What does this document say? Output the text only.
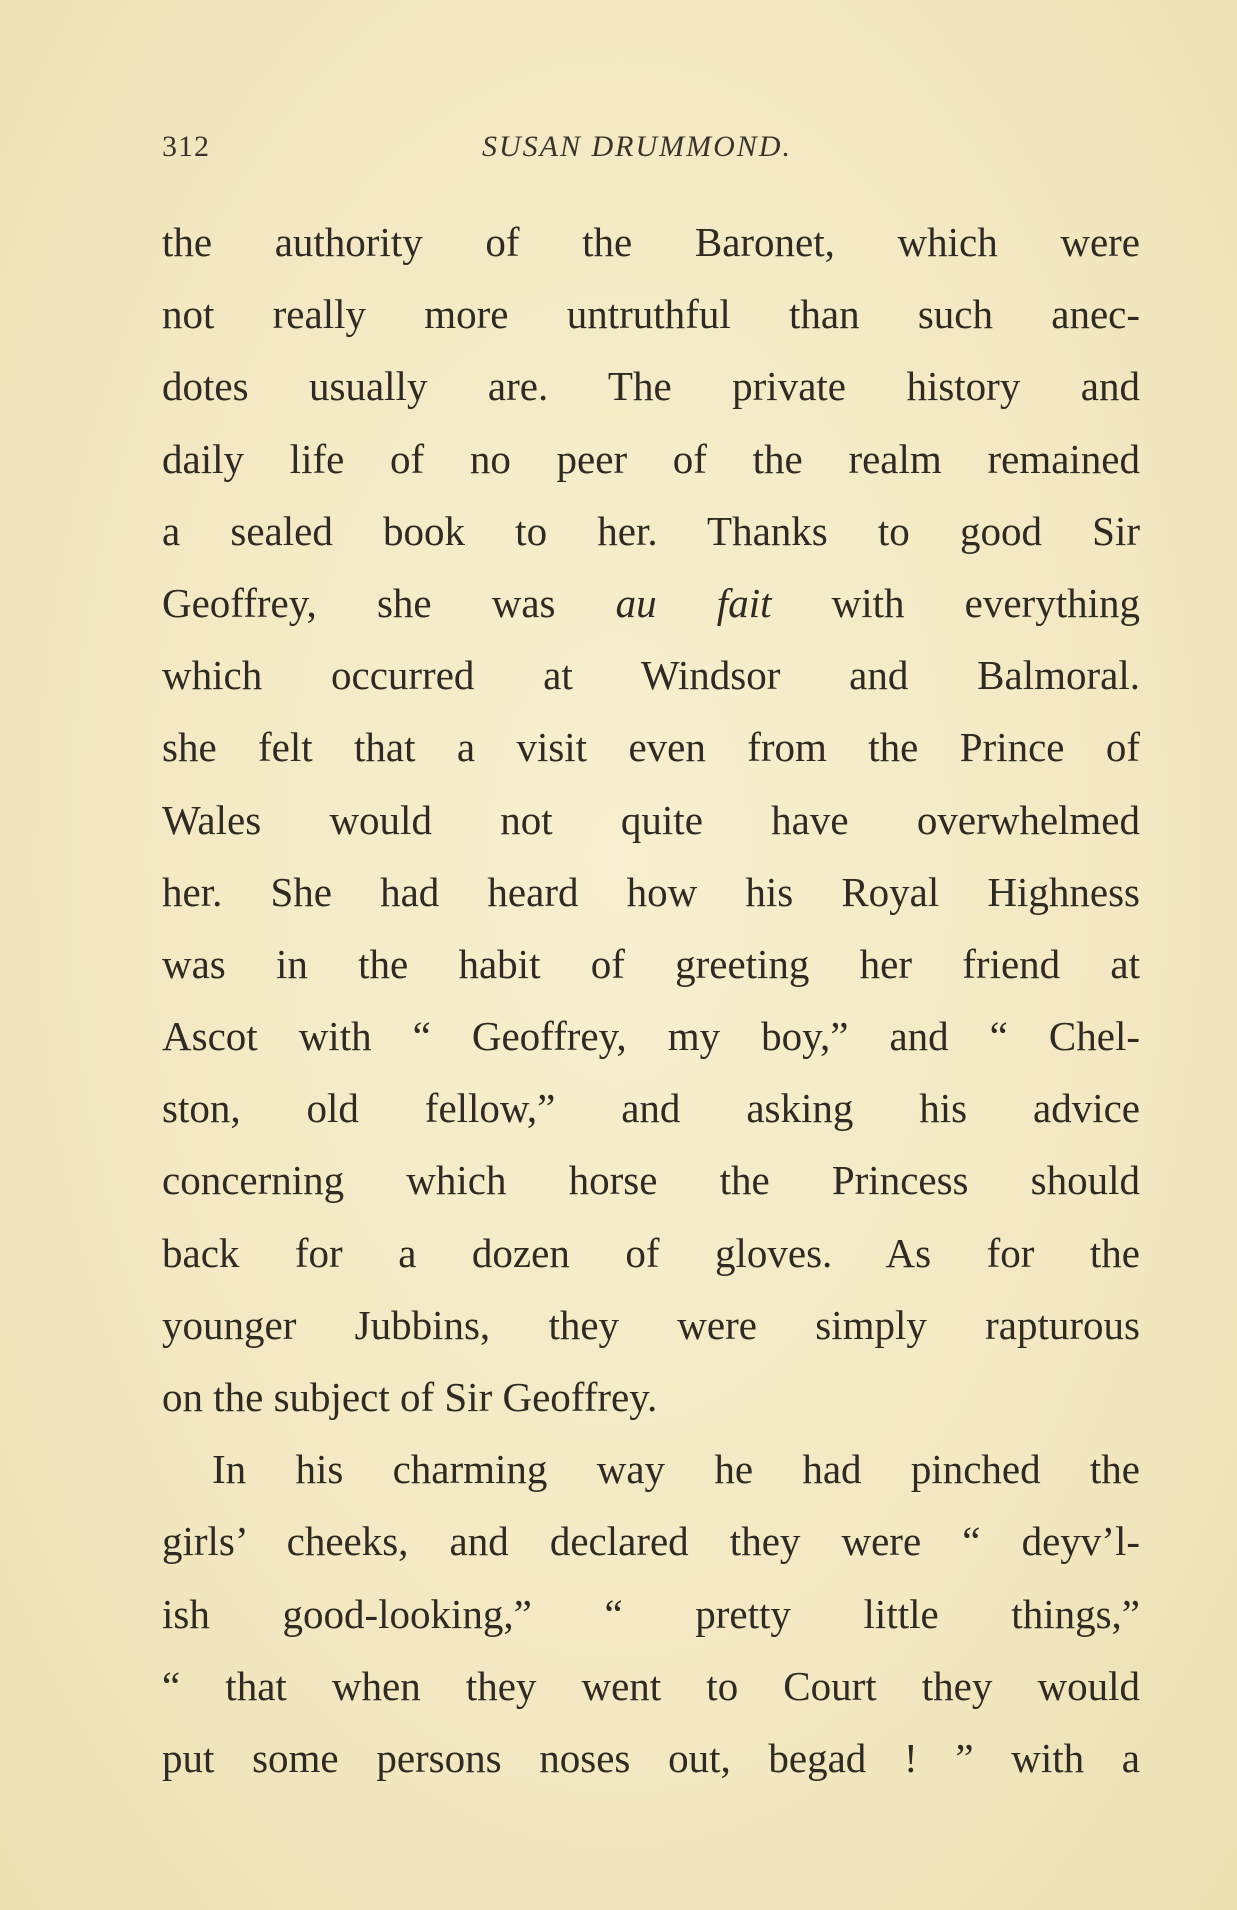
312	SUSAN DRUMMOND.
the authority of the Baronet, which were
not really more untruthful than such anec-
dotes usually are. The private history and
daily life of no peer of the realm remained
a sealed book to her. Thanks to good Sir
Geoffrey, she was au fait with everything
which occurred at Windsor and Balmoral.
she felt that a visit even from the Prince of
Wales would not quite have overwhelmed
her. She had heard how his Royal Highness
was in the habit of greeting her friend at
Ascot with “ Geoffrey, my boy,” and “ Chel-
ston, old fellow,” and asking his advice
concerning which horse the Princess should
back for a dozen of gloves. As for the
younger Jubbins, they were simply rapturous
on the subject of Sir Geoffrey.
In his charming way he had pinched the
girls’ cheeks, and declared they were “ deyv’l-
ish good-looking,” “ pretty little things,”
“ that when they went to Court they would
put some persons noses out, begad ! ” with a
